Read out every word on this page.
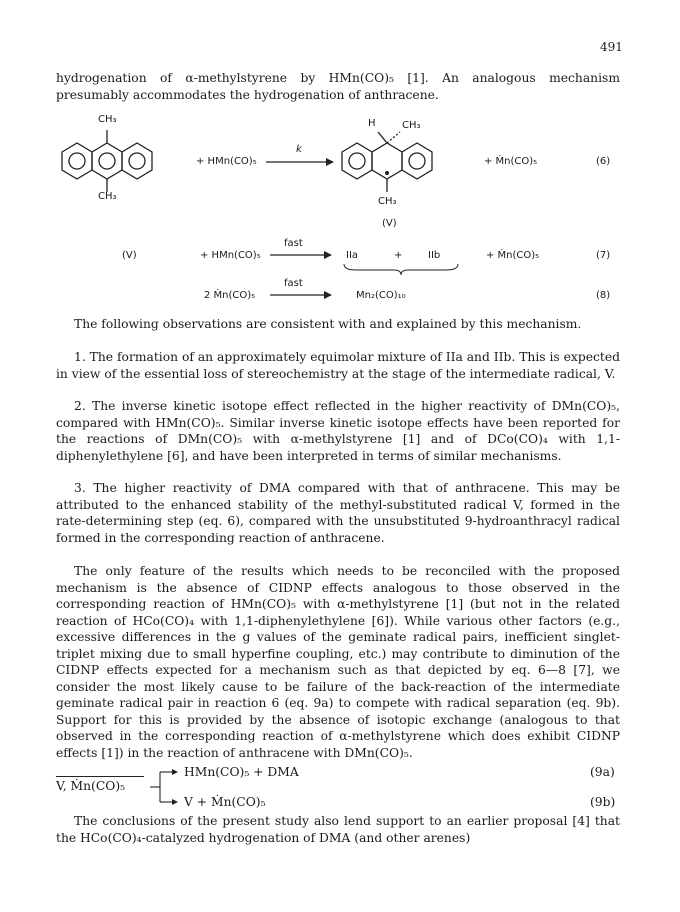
491

hydrogenation of α-methylstyrene by HMn(CO)₅ [1]. An analogous mechanism presumably accommodates the hydrogenation of anthracene.

CH₃
CH₃
+ HMn(CO)₅
k
H	CH₃
CH₃
(V)
+ Ṁn(CO)₅	(6)
(V)	+ HMn(CO)₅
fast
IIa	+	IIb	+ Ṁn(CO)₅	(7)
2 Ṁn(CO)₅
fast
Mn₂(CO)₁₀	(8)

The following observations are consistent with and explained by this mechanism.

1. The formation of an approximately equimolar mixture of IIa and IIb. This is expected in view of the essential loss of stereochemistry at the stage of the intermediate radical, V.

2. The inverse kinetic isotope effect reflected in the higher reactivity of DMn(CO)₅, compared with HMn(CO)₅. Similar inverse kinetic isotope effects have been reported for the reactions of DMn(CO)₅ with α-methylstyrene [1] and of DCo(CO)₄ with 1,1-diphenylethylene [6], and have been interpreted in terms of similar mechanisms.

3. The higher reactivity of DMA compared with that of anthracene. This may be attributed to the enhanced stability of the methyl-substituted radical V, formed in the rate-determining step (eq. 6), compared with the unsubstituted 9-hydroanthracyl radical formed in the corresponding reaction of anthracene.

The only feature of the results which needs to be reconciled with the proposed mechanism is the absence of CIDNP effects analogous to those observed in the corresponding reaction of HMn(CO)₅ with α-methylstyrene [1] (but not in the related reaction of HCo(CO)₄ with 1,1-diphenylethylene [6]). While various other factors (e.g., excessive differences in the g values of the geminate radical pairs, inefficient singlet-triplet mixing due to small hyperfine coupling, etc.) may contribute to diminution of the CIDNP effects expected for a mechanism such as that depicted by eq. 6—8 [7], we consider the most likely cause to be failure of the back-reaction of the intermediate geminate radical pair in reaction 6 (eq. 9a) to compete with radical separation (eq. 9b). Support for this is provided by the absence of isotopic exchange (analogous to that observed in the corresponding reaction of α-methylstyrene which does exhibit CIDNP effects [1]) in the reaction of anthracene with DMn(CO)₅.

V, Ṁn(CO)₅
HMn(CO)₅ + DMA	(9a)
V + Ṁn(CO)₅	(9b)

The conclusions of the present study also lend support to an earlier proposal [4] that the HCo(CO)₄-catalyzed hydrogenation of DMA (and other arenes)
